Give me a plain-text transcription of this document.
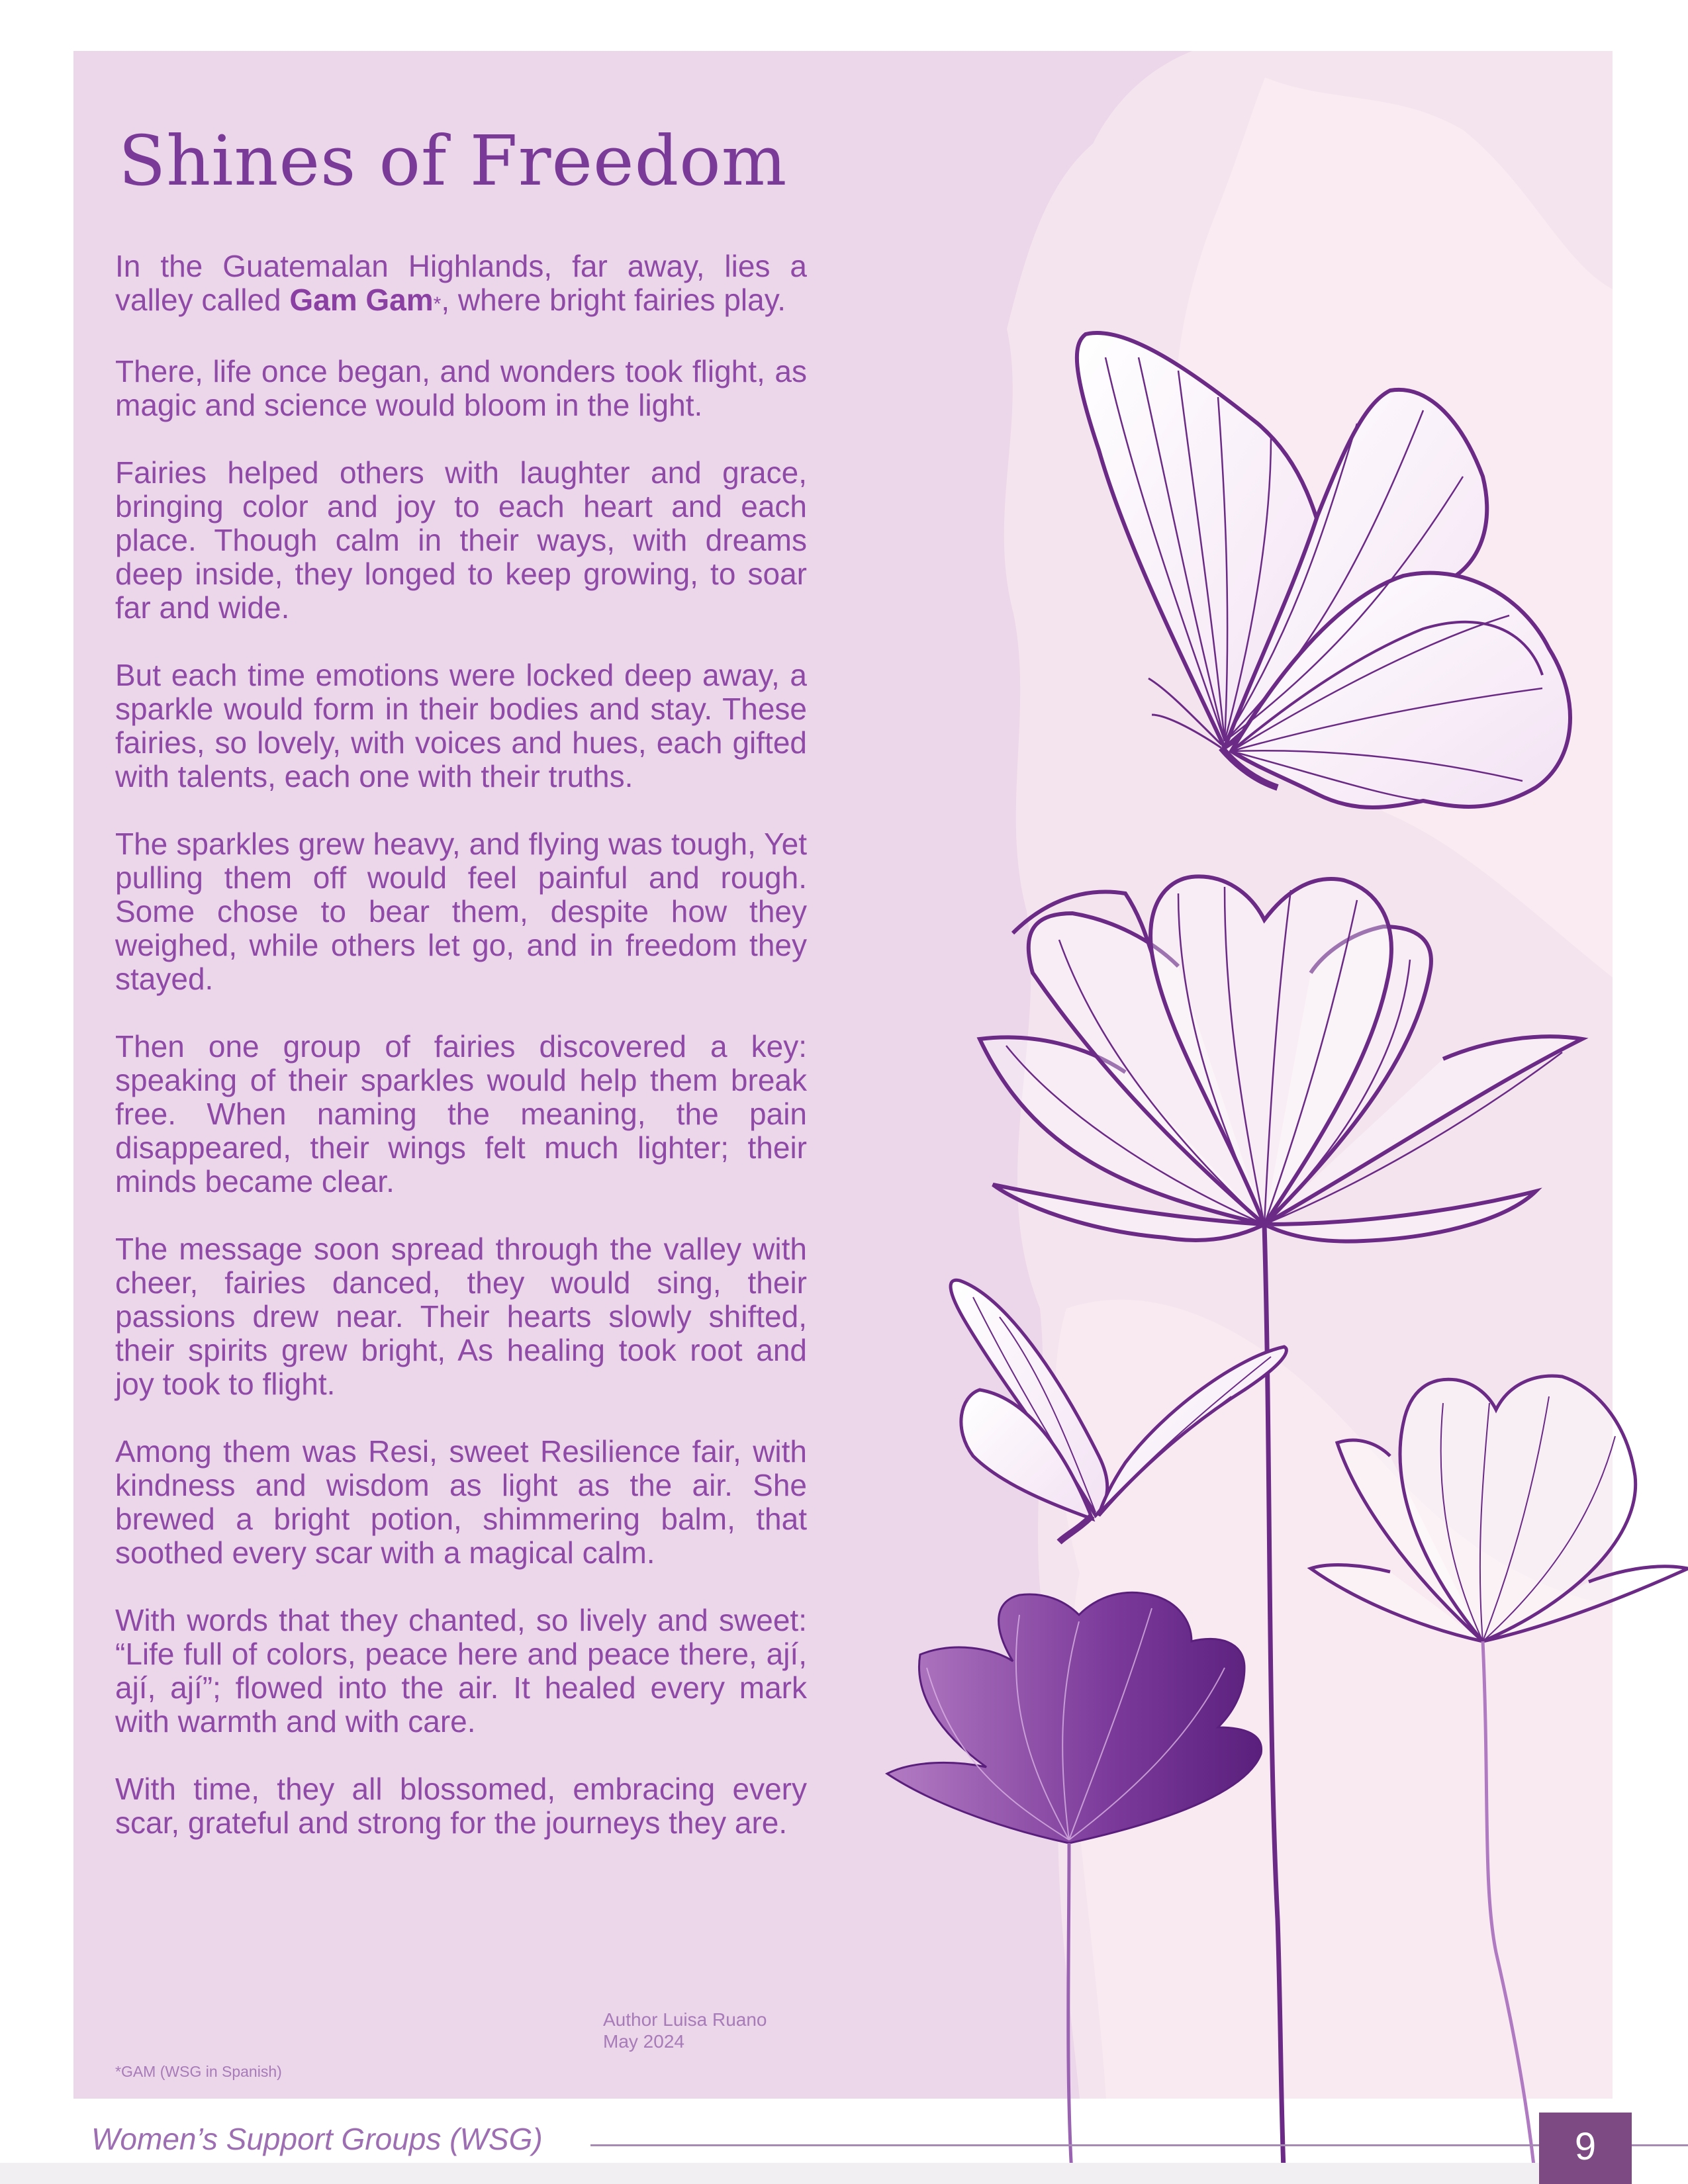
Shines of Freedom

In the Guatemalan Highlands, far away, lies a valley called Gam Gam*, where bright fairies play.

There, life once began, and wonders took flight, as magic and science would bloom in the light.

Fairies helped others with laughter and grace, bringing color and joy to each heart and each place. Though calm in their ways, with dreams deep inside, they longed to keep growing, to soar far and wide.

But each time emotions were locked deep away, a sparkle would form in their bodies and stay. These fairies, so lovely, with voices and hues, each gifted with talents, each one with their truths.

The sparkles grew heavy, and flying was tough, Yet pulling them off would feel painful and rough. Some chose to bear them, despite how they weighed, while others let go, and in freedom they stayed.

Then one group of fairies discovered a key: speaking of their sparkles would help them break free. When naming the meaning, the pain disappeared, their wings felt much lighter; their minds became clear.

The message soon spread through the valley with cheer, fairies danced, they would sing, their passions drew near. Their hearts slowly shifted, their spirits grew bright, As healing took root and joy took to flight.

Among them was Resi, sweet Resilience fair, with kindness and wisdom as light as the air. She brewed a bright potion, shimmering balm, that soothed every scar with a magical calm.

With words that they chanted, so lively and sweet: “Life full of colors, peace here and peace there, ají, ají, ají”; flowed into the air. It healed every mark with warmth and with care.

With time, they all blossomed, embracing every scar, grateful and strong for the journeys they are.

Author Luisa Ruano
May 2024
*GAM (WSG in Spanish)
Women’s Support Groups (WSG)	9
